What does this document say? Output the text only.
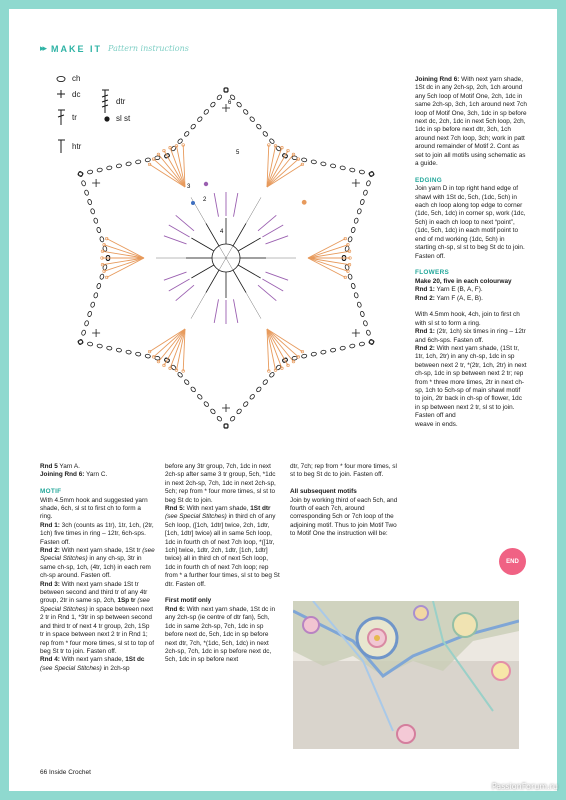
▸▸ MAKE IT Pattern instructions
ch
dc
tr
htr
dtr
sl st
6
5
3
2
4

Rnd 5 Yarn A.

Joining Rnd 6: Yarn C.

MOTIF

With 4.5mm hook and suggested yarn shade, 6ch, sl st to first ch to form a ring.

Rnd 1: 3ch (counts as 1tr), 1tr, 1ch, (2tr, 1ch) five times in ring – 12tr, 6ch-sps. Fasten off.

Rnd 2: With next yarn shade, 1St tr (see Special Stitches) in any ch-sp, 3tr in same ch-sp, 1ch, (4tr, 1ch) in each rem ch-sp around. Fasten off.

Rnd 3: With next yarn shade 1St tr between second and third tr of any 4tr group, 2tr in same sp, 2ch, 1Sp tr (see Special Stitches) in space between next 2 tr in Rnd 1, *3tr in sp between second and third tr of next 4 tr group, 2ch, 1Sp tr in space between next 2 tr in Rnd 1; rep from * four more times, sl st to top of beg St tr to join. Fasten off.

Rnd 4: With next yarn shade, 1St dc (see Special Stitches) in 2ch-sp

before any 3tr group, 7ch, 1dc in next 2ch-sp after same 3 tr group, 5ch, *1dc in next 2ch-sp, 7ch, 1dc in next 2ch-sp, 5ch; rep from * four more times, sl st to beg St dc to join.

Rnd 5: With next yarn shade, 1St dtr (see Special Stitches) in third ch of any 5ch loop, ([1ch, 1dtr] twice, 2ch, 1dtr, [1ch, 1dtr] twice) all in same 5ch loop, 1dc in fourth ch of next 7ch loop, *([1tr, 1ch] twice, 1dtr, 2ch, 1dtr, [1ch, 1dtr] twice) all in third ch of next 5ch loop, 1dc in fourth ch of next 7ch loop; rep from * a further four times, sl st to beg St dtr. Fasten off.

First motif only

Rnd 6: With next yarn shade, 1St dc in any 2ch-sp (ie centre of dtr fan), 5ch, 1dc in same 2ch-sp, 7ch, 1dc in sp before next dc, 5ch, 1dc in sp before next dtr, 7ch, *(1dc, 5ch, 1dc) in next 2ch-sp, 7ch, 1dc in sp before next dc, 5ch, 1dc in sp before next

dtr, 7ch; rep from * four more times, sl st to beg St dc to join. Fasten off.

All subsequent motifs

Join by working third of each 5ch, and fourth of each 7ch, around corresponding 5ch or 7ch loop of the adjoining motif. Thus to join Motif Two to Motif One the instruction will be:

Joining Rnd 6: With next yarn shade, 1St dc in any 2ch-sp, 2ch, 1ch around any 5ch loop of Motif One, 2ch, 1dc in same 2ch-sp, 3ch, 1ch around next 7ch loop of Motif One, 3ch, 1dc in sp before next dc, 2ch, 1dc in next 5ch loop, 2ch, 1dc in sp before next dtr, 3ch, 1ch around next 7ch loop, 3ch; work in patt around remainder of Motif 2. Cont as set to join all motifs using schematic as a guide.

EDGING

Join yarn D in top right hand edge of shawl with 1St dc, 5ch, (1dc, 5ch) in each ch loop along top edge to corner (1dc, 5ch, 1dc) in corner sp, work (1dc, 5ch) in each ch loop to next “point”, (1dc, 5ch, 1dc) in each motif point to end of rnd working (1dc, 5ch) in starting ch-sp, sl st to beg St dc to join. Fasten off.

FLOWERS

Make 20, five in each colourway

Rnd 1: Yarn E (B, A, F).

Rnd 2: Yarn F (A, E, B).

With 4.5mm hook, 4ch, join to first ch with sl st to form a ring.

Rnd 1: (2tr, 1ch) six times in ring – 12tr and 6ch-sps. Fasten off.

Rnd 2: With next yarn shade, (1St tr, 1tr, 1ch, 2tr) in any ch-sp, 1dc in sp between next 2 tr, *(2tr, 1ch, 2tr) in next ch-sp, 1dc in sp between next 2 tr; rep from * three more times, 2tr in next ch-sp, 1ch to 5ch-sp of main shawl motif to join, 2tr back in ch-sp of flower, 1dc in sp between next 2 tr, sl st to join.

Fasten off and

weave in ends.

END
66 Inside Crochet
PassionForum.ru
